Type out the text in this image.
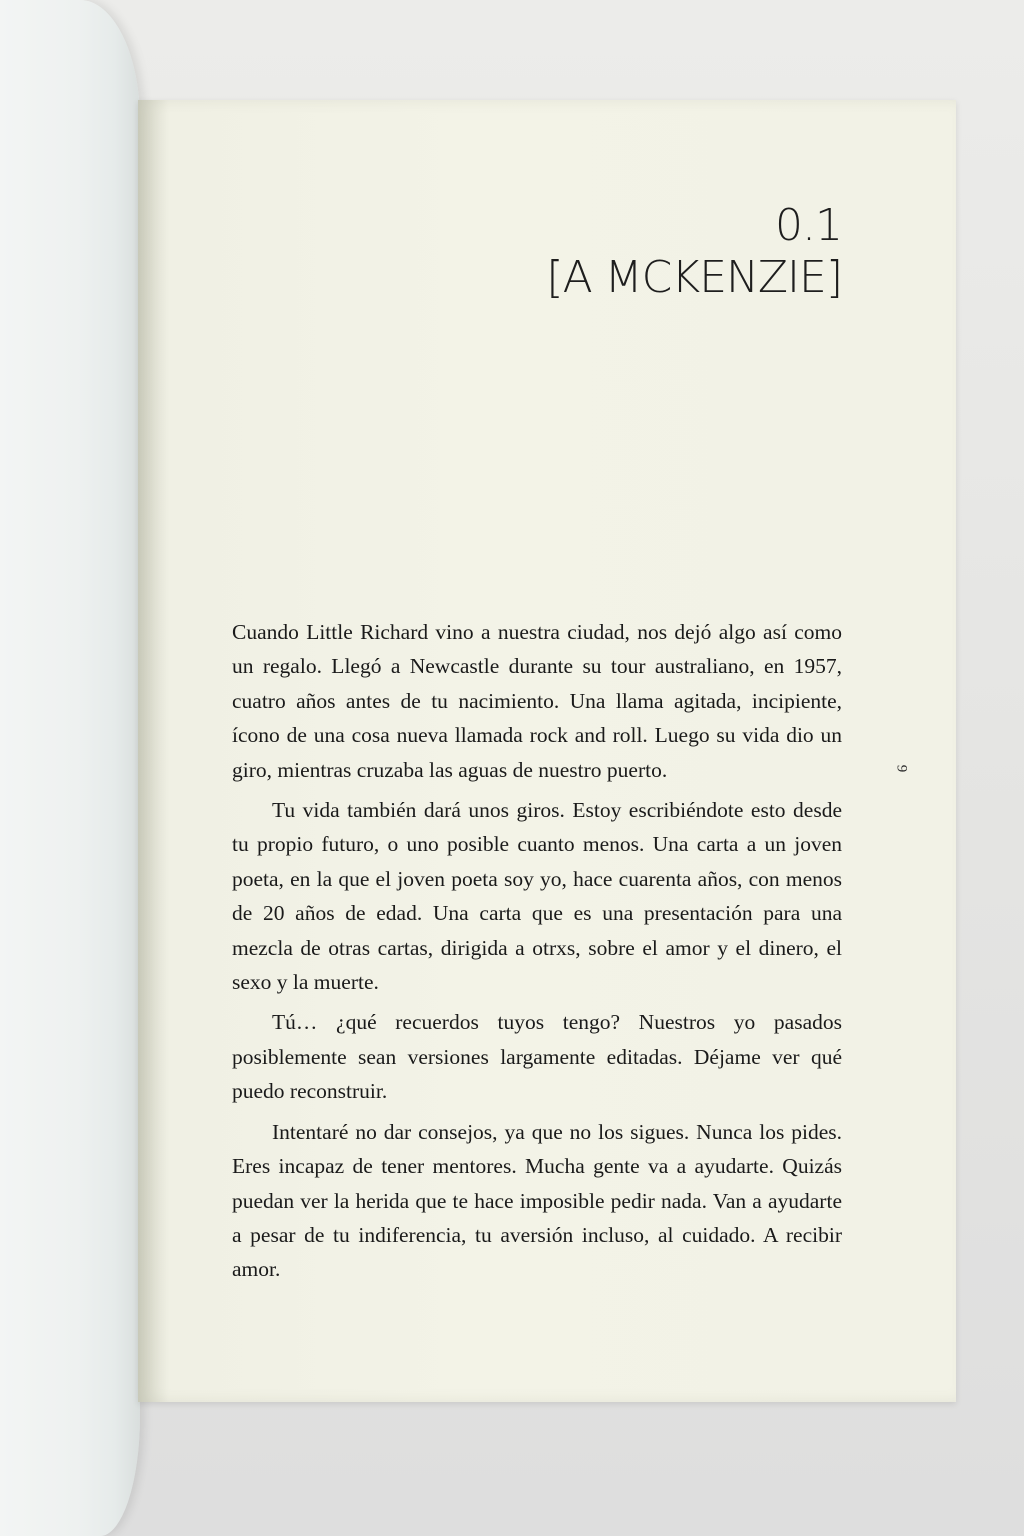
0.1
[A MCKENZIE]

Cuando Little Richard vino a nuestra ciudad, nos dejó algo así como un regalo. Llegó a Newcastle durante su tour australiano, en 1957, cuatro años antes de tu nacimiento. Una llama agitada, incipiente, ícono de una cosa nueva llamada rock and roll. Luego su vida dio un giro, mientras cruzaba las aguas de nuestro puerto.

Tu vida también dará unos giros. Estoy escribiéndote esto desde tu propio futuro, o uno posible cuanto menos. Una carta a un joven poeta, en la que el joven poeta soy yo, hace cuarenta años, con menos de 20 años de edad. Una carta que es una presentación para una mezcla de otras cartas, dirigida a otrxs, sobre el amor y el dinero, el sexo y la muerte.

Tú… ¿qué recuerdos tuyos tengo? Nuestros yo pasados posiblemente sean versiones largamente editadas. Déjame ver qué puedo reconstruir.

Intentaré no dar consejos, ya que no los sigues. Nunca los pides. Eres incapaz de tener mentores. Mucha gente va a ayudarte. Quizás puedan ver la herida que te hace imposible pedir nada. Van a ayudarte a pesar de tu indiferencia, tu aversión incluso, al cuidado. A recibir amor.

9
